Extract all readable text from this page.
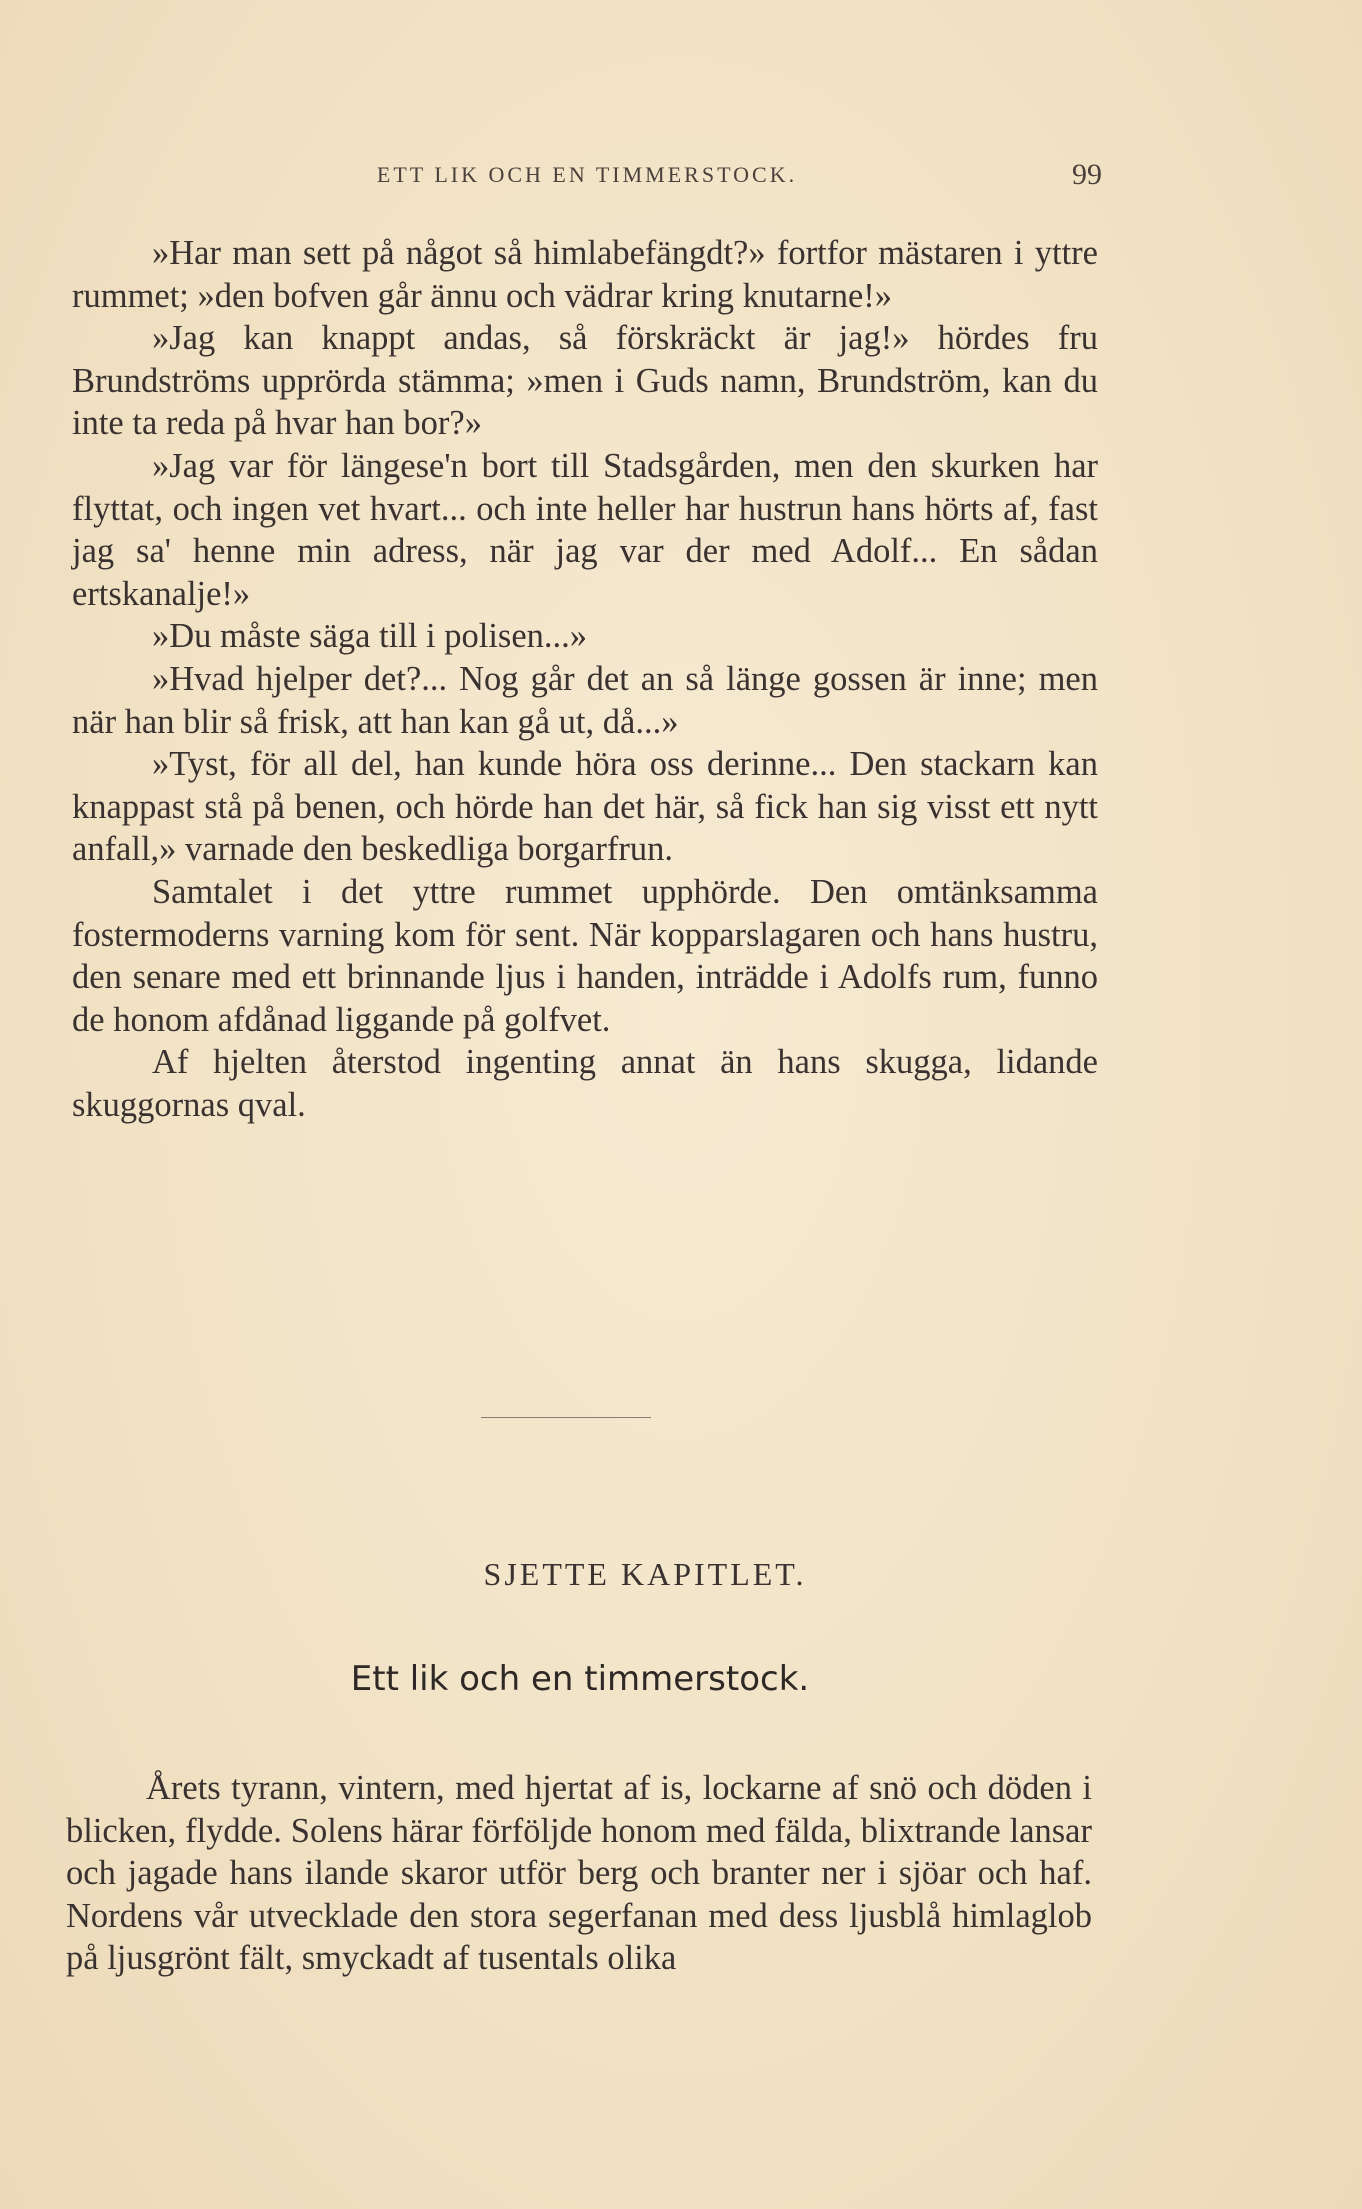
ETT LIK OCH EN TIMMERSTOCK.	99

»Har man sett på något så himlabefängdt?» fortfor mästaren i yttre rummet; »den bofven går ännu och vädrar kring knutarne!»

»Jag kan knappt andas, så förskräckt är jag!» hördes fru Brundströms upprörda stämma; »men i Guds namn, Brundström, kan du inte ta reda på hvar han bor?»

»Jag var för längese'n bort till Stadsgården, men den skurken har flyttat, och ingen vet hvart... och inte heller har hustrun hans hörts af, fast jag sa' henne min adress, när jag var der med Adolf... En sådan ertskanalje!»

»Du måste säga till i polisen...»

»Hvad hjelper det?... Nog går det an så länge gossen är inne; men när han blir så frisk, att han kan gå ut, då...»

»Tyst, för all del, han kunde höra oss derinne... Den stackarn kan knappast stå på benen, och hörde han det här, så fick han sig visst ett nytt anfall,» varnade den beskedliga borgarfrun.

Samtalet i det yttre rummet upphörde. Den omtänksamma fostermoderns varning kom för sent. När kopparslagaren och hans hustru, den senare med ett brinnande ljus i handen, inträdde i Adolfs rum, funno de honom afdånad liggande på golfvet.

Af hjelten återstod ingenting annat än hans skugga, lidande skuggornas qval.

SJETTE KAPITLET.
Ett lik och en timmerstock.

Årets tyrann, vintern, med hjertat af is, lockarne af snö och döden i blicken, flydde. Solens härar förföljde honom med fälda, blixtrande lansar och jagade hans ilande skaror utför berg och branter ner i sjöar och haf. Nordens vår utvecklade den stora segerfanan med dess ljusblå himlaglob på ljusgrönt fält, smyckadt af tusentals olika
